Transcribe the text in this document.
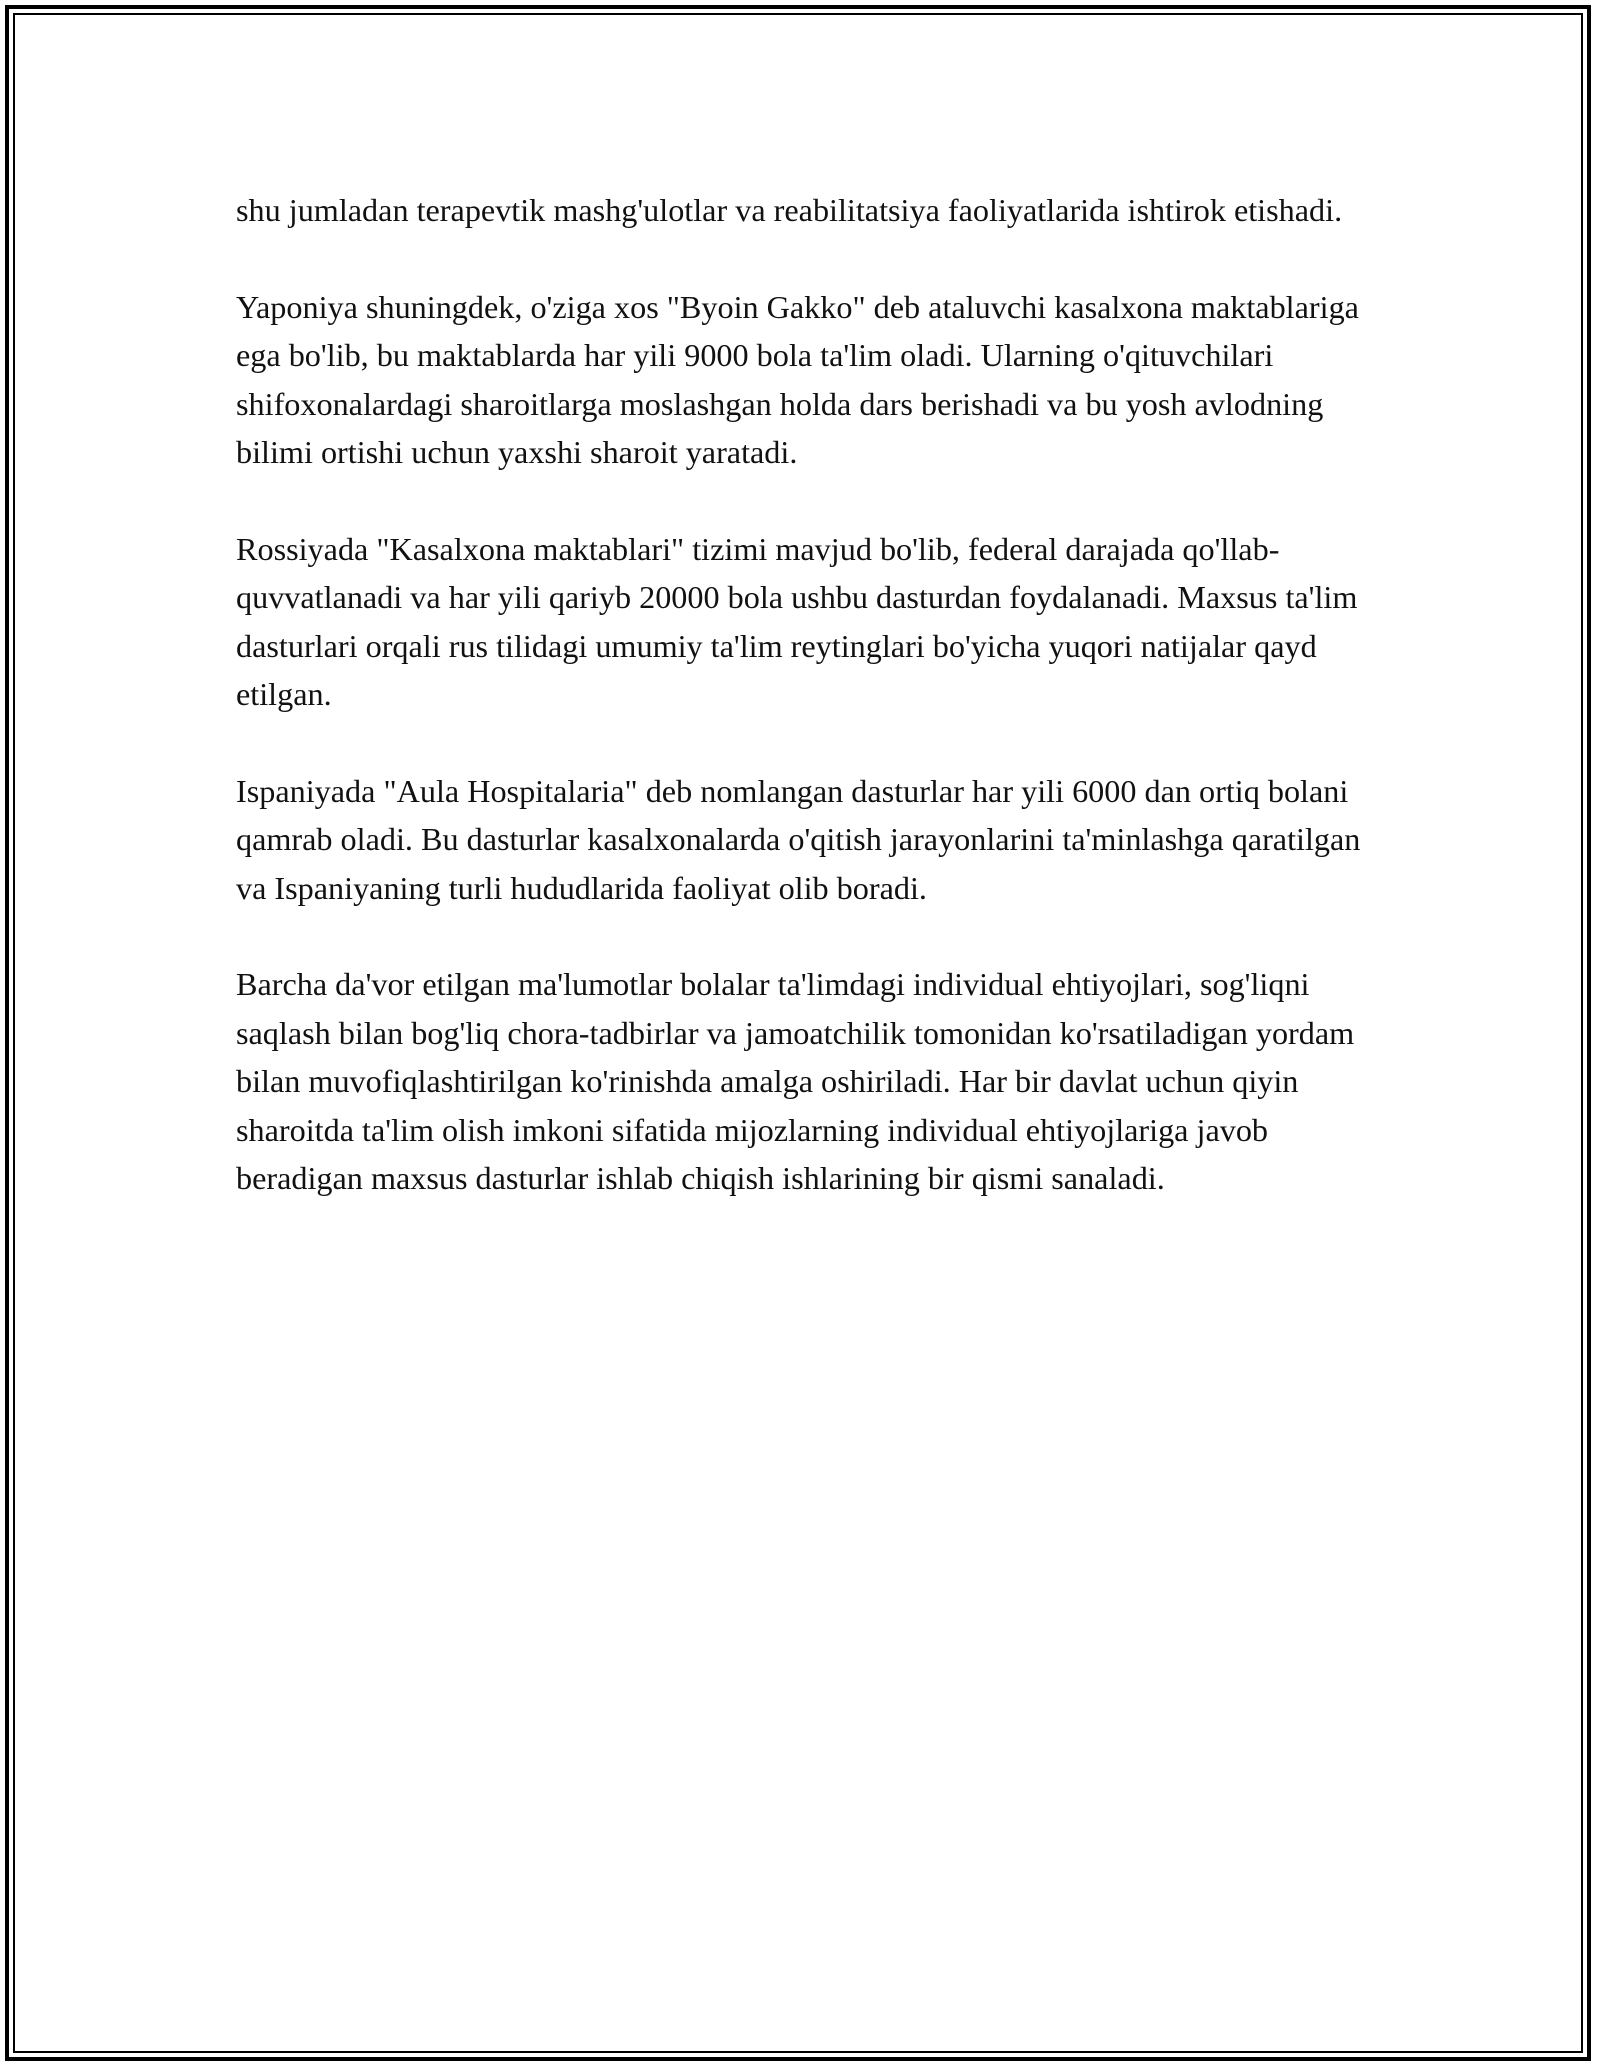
shu jumladan terapevtik mashg'ulotlar va reabilitatsiya faoliyatlarida ishtirok etishadi.

Yaponiya shuningdek, o'ziga xos "Byoin Gakko" deb ataluvchi kasalxona maktablariga ega bo'lib, bu maktablarda har yili 9000 bola ta'lim oladi. Ularning o'qituvchilari shifoxonalardagi sharoitlarga moslashgan holda dars berishadi va bu yosh avlodning bilimi ortishi uchun yaxshi sharoit yaratadi.

Rossiyada "Kasalxona maktablari" tizimi mavjud bo'lib, federal darajada qo'llab-quvvatlanadi va har yili qariyb 20000 bola ushbu dasturdan foydalanadi. Maxsus ta'lim dasturlari orqali rus tilidagi umumiy ta'lim reytinglari bo'yicha yuqori natijalar qayd etilgan.

Ispaniyada "Aula Hospitalaria" deb nomlangan dasturlar har yili 6000 dan ortiq bolani qamrab oladi. Bu dasturlar kasalxonalarda o'qitish jarayonlarini ta'minlashga qaratilgan va Ispaniyaning turli hududlarida faoliyat olib boradi.

Barcha da'vor etilgan ma'lumotlar bolalar ta'limdagi individual ehtiyojlari, sog'liqni saqlash bilan bog'liq chora-tadbirlar va jamoatchilik tomonidan ko'rsatiladigan yordam bilan muvofiqlashtirilgan ko'rinishda amalga oshiriladi. Har bir davlat uchun qiyin sharoitda ta'lim olish imkoni sifatida mijozlarning individual ehtiyojlariga javob beradigan maxsus dasturlar ishlab chiqish ishlarining bir qismi sanaladi.
